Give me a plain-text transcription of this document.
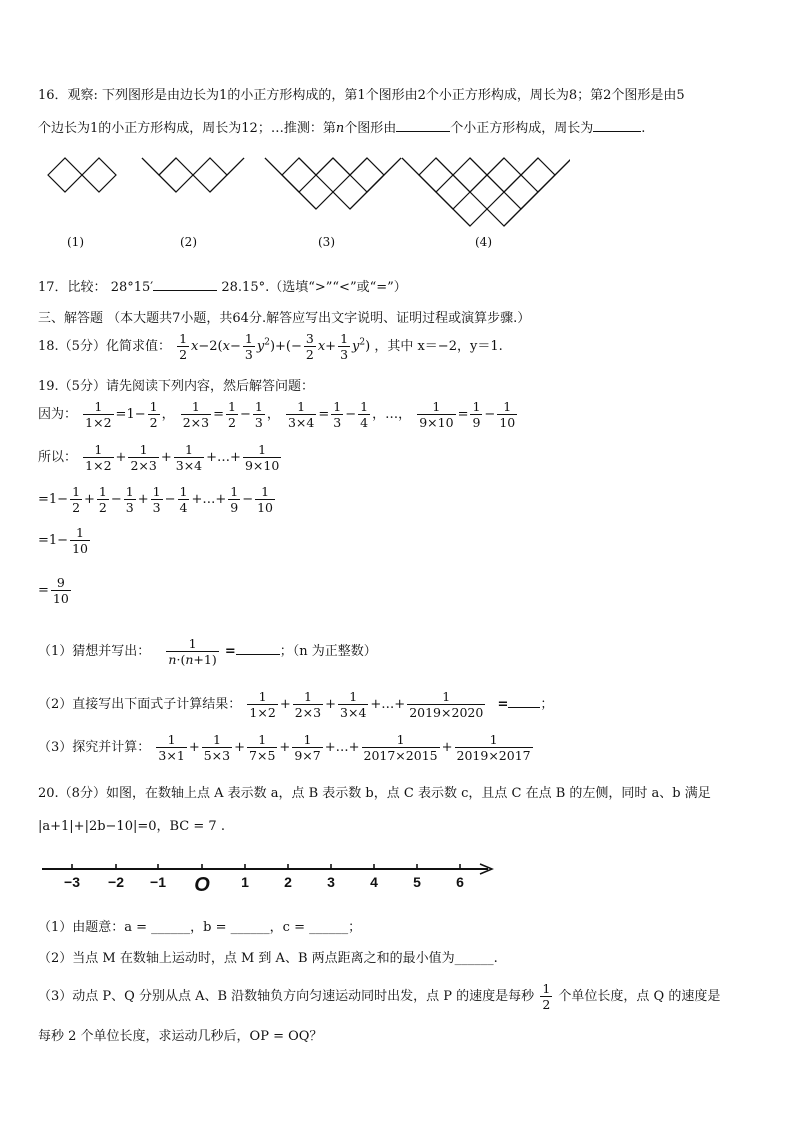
16．观察: 下列图形是由边长为1的小正方形构成的，第1个图形由2个小正方形构成，周长为8；第2个图形是由5
个边长为1的小正方形构成，周长为12；…推测：第n个图形由	个小正方形构成，周长为	.
(1)	(2)	(3)	(4)
17．比较： 28°15′	28.15°.（选填“>”“<”或“=”）
三、解答题 （本大题共7小题，共64分.解答应写出文字说明、证明过程或演算步骤.）
18.（5分）化简求值： $\frac{1}{2} x-2(x- \frac{1}{3} y^2)+(- \frac{3}{2} x+ \frac{1}{3} y^2)$ ，其中 x＝−2，y＝1.
19.（5分）请先阅读下列内容，然后解答问题：
因为： $\frac{1}{1\times 2} =1- \frac{1}{2}$ ， $\frac{1}{2\times 3} = \frac{1}{2} - \frac{1}{3}$ ， $\frac{1}{3\times 4} = \frac{1}{3} - \frac{1}{4}$ ，…， $\frac{1}{9\times 10} = \frac{1}{9} - \frac{1}{10}$
所以： $\frac{1}{1\times 2} + \frac{1}{2\times 3} + \frac{1}{3\times 4}$ +…+ $\frac{1}{9\times 10}$
$=1- \frac{1}{2} + \frac{1}{2} - \frac{1}{3} + \frac{1}{3} - \frac{1}{4}$ +…+ $\frac{1}{9} - \frac{1}{10}$
$=1- \frac{1}{10}$
= $\frac{9}{10}$
（1）猜想并写出： $\frac{1}{n\cdot(n+1)}$ =	；（n 为正整数）
（2）直接写出下面式子计算结果： $\frac{1}{1\times 2} + \frac{1}{2\times 3} + \frac{1}{3\times 4}$ +…+ $\frac{1}{2019\times 2020}$ = ；
（3）探究并计算： $\frac{1}{3\times 1} + \frac{1}{5\times 3} + \frac{1}{7\times 5} + \frac{1}{9\times 7}$ +…+ $\frac{1}{2017\times 2015} + \frac{1}{2019\times 2017}$
20.（8分）如图，在数轴上点 A 表示数 a，点 B 表示数 b，点 C 表示数 c，且点 C 在点 B 的左侧，同时 a、b 满足
|a+1|+|2b−10|=0，BC = 7 .
−3 −2 −1 O 1	2	3	4	5	6
（1）由题意：a = ______，b = ______，c = ______；
（2）当点 M 在数轴上运动时，点 M 到 A、B 两点距离之和的最小值为______.
（3）动点 P、Q 分别从点 A、B 沿数轴负方向匀速运动同时出发，点 P 的速度是每秒 $\frac{1}{2}$ 个单位长度，点 Q 的速度是
每秒 2 个单位长度，求运动几秒后，OP = OQ？
